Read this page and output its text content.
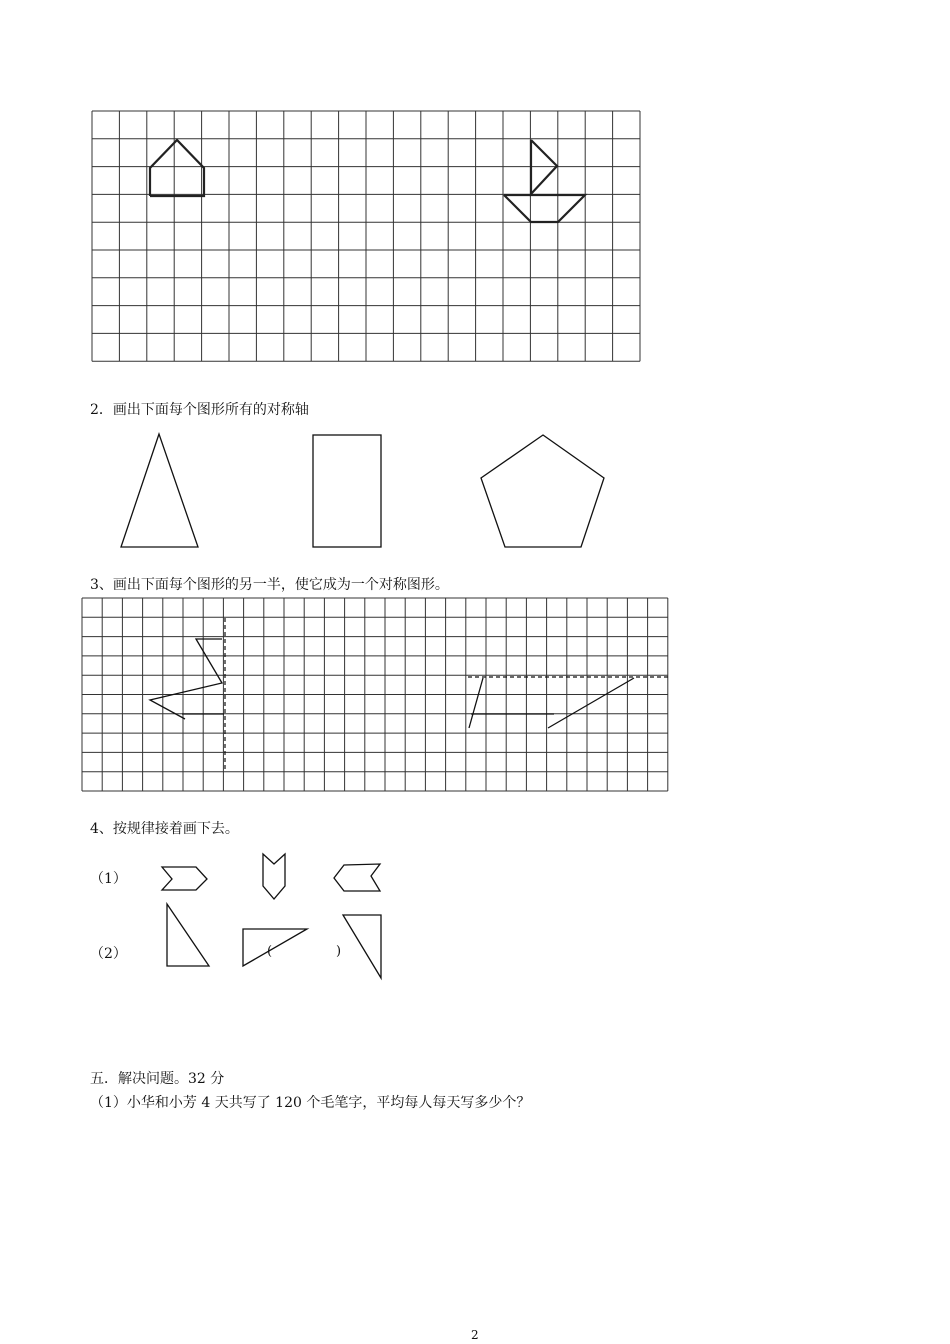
2．画出下面每个图形所有的对称轴
3、画出下面每个图形的另一半，使它成为一个对称图形。
4、按规律接着画下去。
（1）
（2）	(	)
五．解决问题。32 分
（1）小华和小芳 4 天共写了 120 个毛笔字，平均每人每天写多少个？
2
